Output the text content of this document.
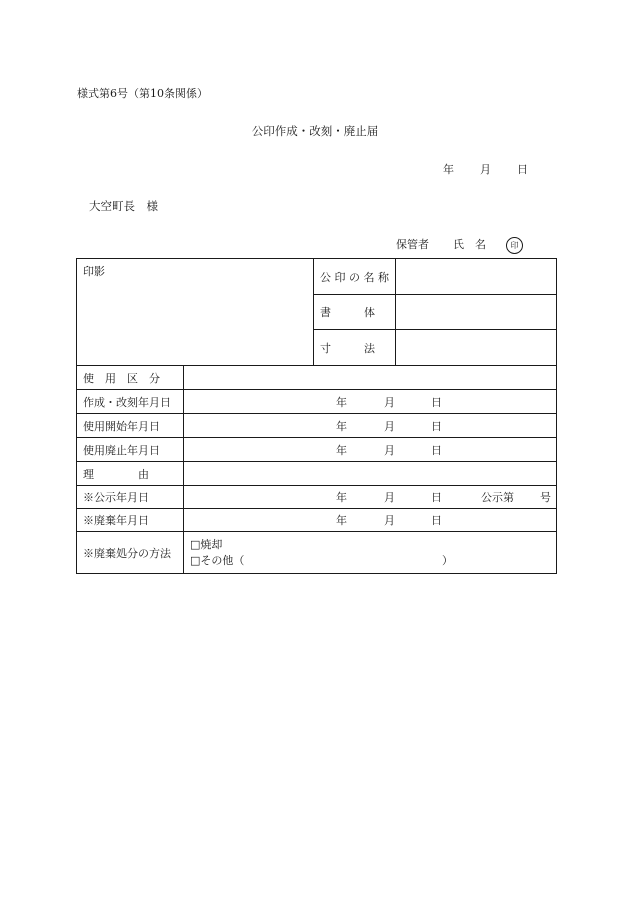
様式第6号（第10条関係）
公印作成・改刻・廃止届
年 月 日
大空町長　様
保管者 氏　名	印
印影		公印の名称	

		書　　　体	

		寸　　　法	

使　用　区　分			

作成・改刻年月日	年 月 日		

使用開始年月日	年 月 日		

使用廃止年月日	年 月 日		

理　　　　由			

※公示年月日	年 月 日 公示第 号		

※廃棄年月日	年 月 日		

※廃棄処分の方法	□焼却
□その他（ ）		
